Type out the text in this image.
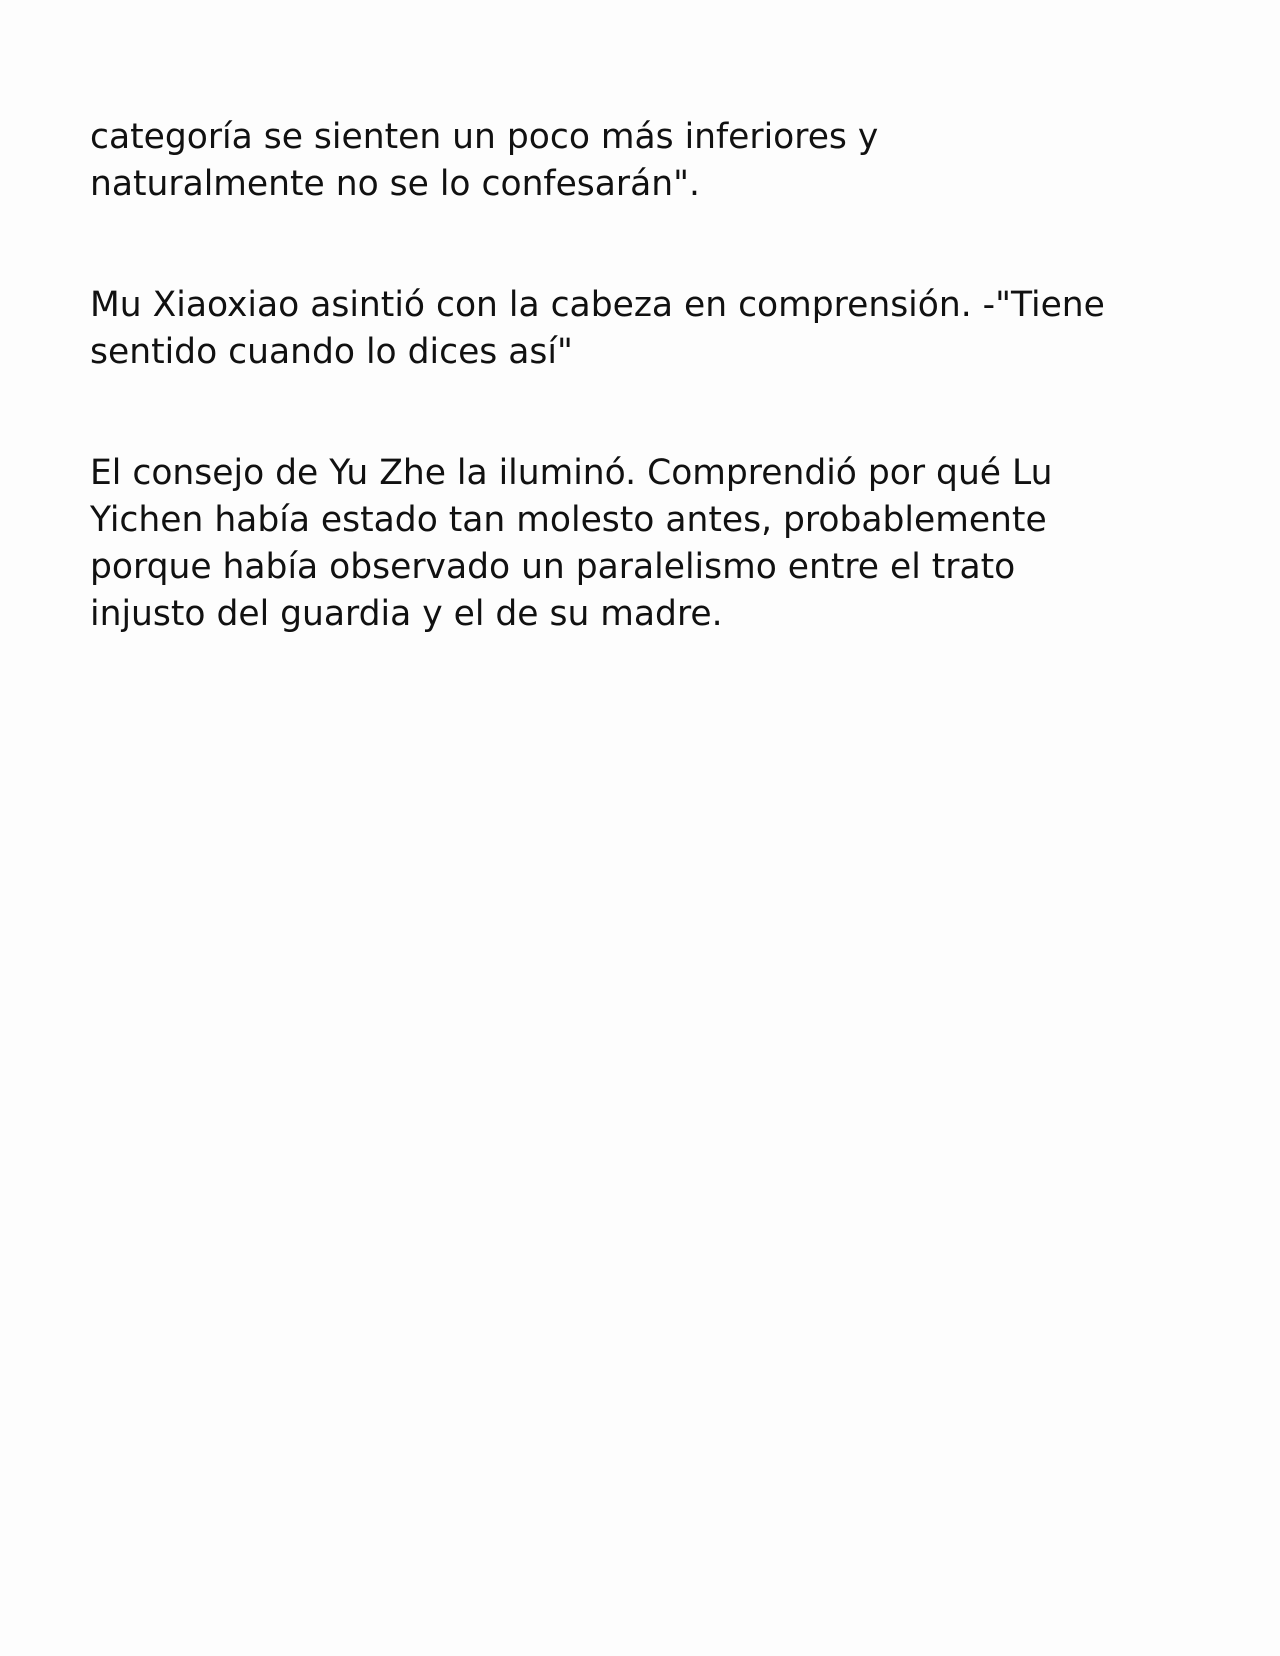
categoría se sienten un poco más inferiores y
naturalmente no se lo confesarán".

Mu Xiaoxiao asintió con la cabeza en comprensión. -"Tiene
sentido cuando lo dices así"

El consejo de Yu Zhe la iluminó. Comprendió por qué Lu
Yichen había estado tan molesto antes, probablemente
porque había observado un paralelismo entre el trato
injusto del guardia y el de su madre.
